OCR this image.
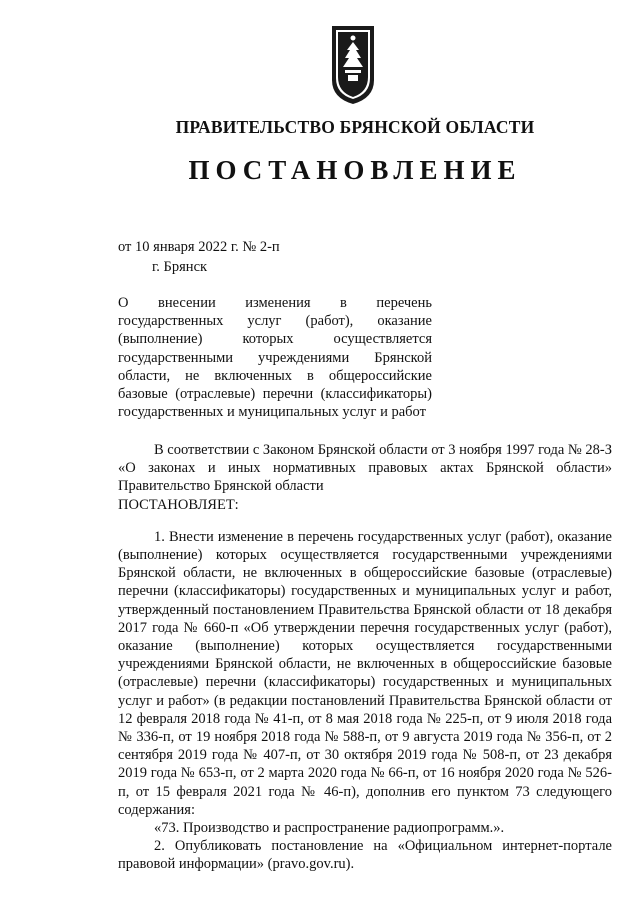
ПРАВИТЕЛЬСТВО БРЯНСКОЙ ОБЛАСТИ
ПОСТАНОВЛЕНИЕ
от 10 января 2022 г. № 2-п
г. Брянск
О внесении изменения в перечень государственных услуг (работ), оказание (выполнение) которых осуществляется государственными учреждениями Брянской области, не включенных в общероссийские базовые (отраслевые) перечни (классификаторы) государственных и муниципальных услуг и работ

В соответствии с Законом Брянской области от 3 ноября 1997 года № 28-З «О законах и иных нормативных правовых актах Брянской области» Правительство Брянской области

ПОСТАНОВЛЯЕТ:

1. Внести изменение в перечень государственных услуг (работ), оказание (выполнение) которых осуществляется государственными учреждениями Брянской области, не включенных в общероссийские базовые (отраслевые) перечни (классификаторы) государственных и муниципальных услуг и работ, утвержденный постановлением Правительства Брянской области от 18 декабря 2017 года № 660-п «Об утверждении перечня государственных услуг (работ), оказание (выполнение) которых осуществляется государственными учреждениями Брянской области, не включенных в общероссийские базовые (отраслевые) перечни (классификаторы) государственных и муниципальных услуг и работ» (в редакции постановлений Правительства Брянской области от 12 февраля 2018 года № 41-п, от 8 мая 2018 года № 225-п, от 9 июля 2018 года № 336-п, от 19 ноября 2018 года № 588-п, от 9 августа 2019 года № 356-п, от 2 сентября 2019 года № 407-п, от 30 октября 2019 года № 508-п, от 23 декабря 2019 года № 653-п, от 2 марта 2020 года № 66-п, от 16 ноября 2020 года № 526-п, от 15 февраля 2021 года № 46-п), дополнив его пунктом 73 следующего содержания:

«73. Производство и распространение радиопрограмм.».

2. Опубликовать постановление на «Официальном интернет-портале правовой информации» (pravo.gov.ru).
